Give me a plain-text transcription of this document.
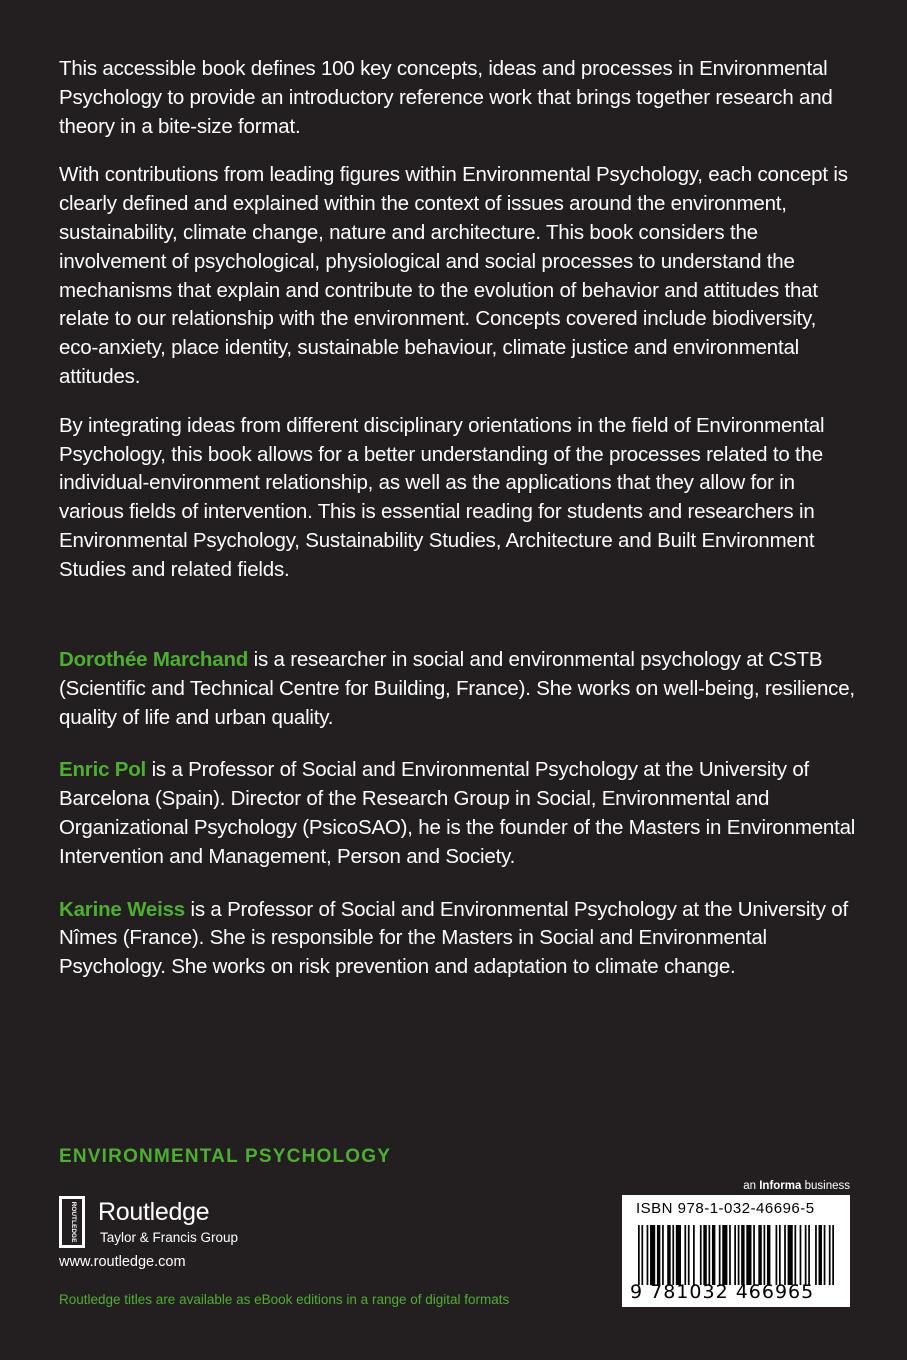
This accessible book defines 100 key concepts, ideas and processes in Environmental Psychology to provide an introductory reference work that brings together research and theory in a bite-size format.

With contributions from leading figures within Environmental Psychology, each concept is clearly defined and explained within the context of issues around the environment, sustainability, climate change, nature and architecture. This book considers the involvement of psychological, physiological and social processes to understand the mechanisms that explain and contribute to the evolution of behavior and attitudes that relate to our relationship with the environment. Concepts covered include biodiversity, eco-anxiety, place identity, sustainable behaviour, climate justice and environmental attitudes.

By integrating ideas from different disciplinary orientations in the field of Environmental Psychology, this book allows for a better understanding of the processes related to the individual-environment relationship, as well as the applications that they allow for in various fields of intervention. This is essential reading for students and researchers in Environmental Psychology, Sustainability Studies, Architecture and Built Environment Studies and related fields.

Dorothée Marchand is a researcher in social and environmental psychology at CSTB (Scientific and Technical Centre for Building, France). She works on well-being, resilience, quality of life and urban quality.

Enric Pol is a Professor of Social and Environmental Psychology at the University of Barcelona (Spain). Director of the Research Group in Social, Environmental and Organizational Psychology (PsicoSAO), he is the founder of the Masters in Environmental Intervention and Management, Person and Society.

Karine Weiss is a Professor of Social and Environmental Psychology at the University of Nîmes (France). She is responsible for the Masters in Social and Environmental Psychology. She works on risk prevention and adaptation to climate change.

ENVIRONMENTAL PSYCHOLOGY
ROUTLEDGE Routledge
Taylor & Francis Group
www.routledge.com
Routledge titles are available as eBook editions in a range of digital formats
an Informa business
ISBN 978-1-032-46696-5
9 781032 466965
